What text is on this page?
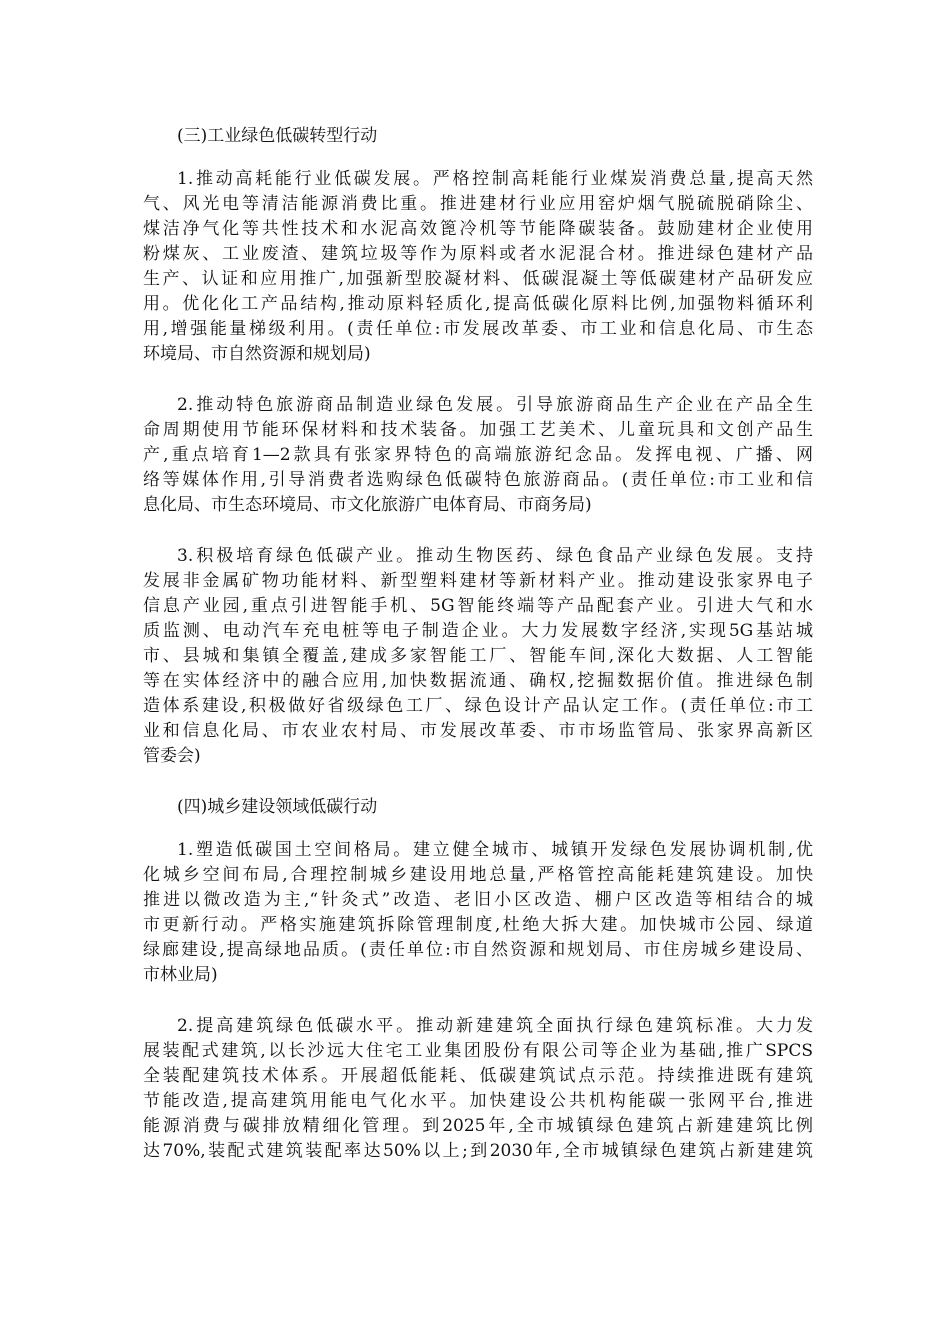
(三)工业绿色低碳转型行动
1.推动高耗能行业低碳发展。严格控制高耗能行业煤炭消费总量,提高天然
气、风光电等清洁能源消费比重。推进建材行业应用窑炉烟气脱硫脱硝除尘、
煤洁净气化等共性技术和水泥高效篦冷机等节能降碳装备。鼓励建材企业使用
粉煤灰、工业废渣、建筑垃圾等作为原料或者水泥混合材。推进绿色建材产品
生产、认证和应用推广,加强新型胶凝材料、低碳混凝土等低碳建材产品研发应
用。优化化工产品结构,推动原料轻质化,提高低碳化原料比例,加强物料循环利
用,增强能量梯级利用。(责任单位:市发展改革委、市工业和信息化局、市生态
环境局、市自然资源和规划局)
2.推动特色旅游商品制造业绿色发展。引导旅游商品生产企业在产品全生
命周期使用节能环保材料和技术装备。加强工艺美术、儿童玩具和文创产品生
产,重点培育1—2款具有张家界特色的高端旅游纪念品。发挥电视、广播、网
络等媒体作用,引导消费者选购绿色低碳特色旅游商品。(责任单位:市工业和信
息化局、市生态环境局、市文化旅游广电体育局、市商务局)
3.积极培育绿色低碳产业。推动生物医药、绿色食品产业绿色发展。支持
发展非金属矿物功能材料、新型塑料建材等新材料产业。推动建设张家界电子
信息产业园,重点引进智能手机、5G智能终端等产品配套产业。引进大气和水
质监测、电动汽车充电桩等电子制造企业。大力发展数字经济,实现5G基站城
市、县城和集镇全覆盖,建成多家智能工厂、智能车间,深化大数据、人工智能
等在实体经济中的融合应用,加快数据流通、确权,挖掘数据价值。推进绿色制
造体系建设,积极做好省级绿色工厂、绿色设计产品认定工作。(责任单位:市工
业和信息化局、市农业农村局、市发展改革委、市市场监管局、张家界高新区
管委会)
(四)城乡建设领域低碳行动
1.塑造低碳国土空间格局。建立健全城市、城镇开发绿色发展协调机制,优
化城乡空间布局,合理控制城乡建设用地总量,严格管控高能耗建筑建设。加快
推进以微改造为主,“针灸式”改造、老旧小区改造、棚户区改造等相结合的城
市更新行动。严格实施建筑拆除管理制度,杜绝大拆大建。加快城市公园、绿道
绿廊建设,提高绿地品质。(责任单位:市自然资源和规划局、市住房城乡建设局、
市林业局)
2.提高建筑绿色低碳水平。推动新建建筑全面执行绿色建筑标准。大力发
展装配式建筑,以长沙远大住宅工业集团股份有限公司等企业为基础,推广SPCS
全装配建筑技术体系。开展超低能耗、低碳建筑试点示范。持续推进既有建筑
节能改造,提高建筑用能电气化水平。加快建设公共机构能碳一张网平台,推进
能源消费与碳排放精细化管理。到2025年,全市城镇绿色建筑占新建建筑比例
达70%,装配式建筑装配率达50%以上;到2030年,全市城镇绿色建筑占新建建筑
